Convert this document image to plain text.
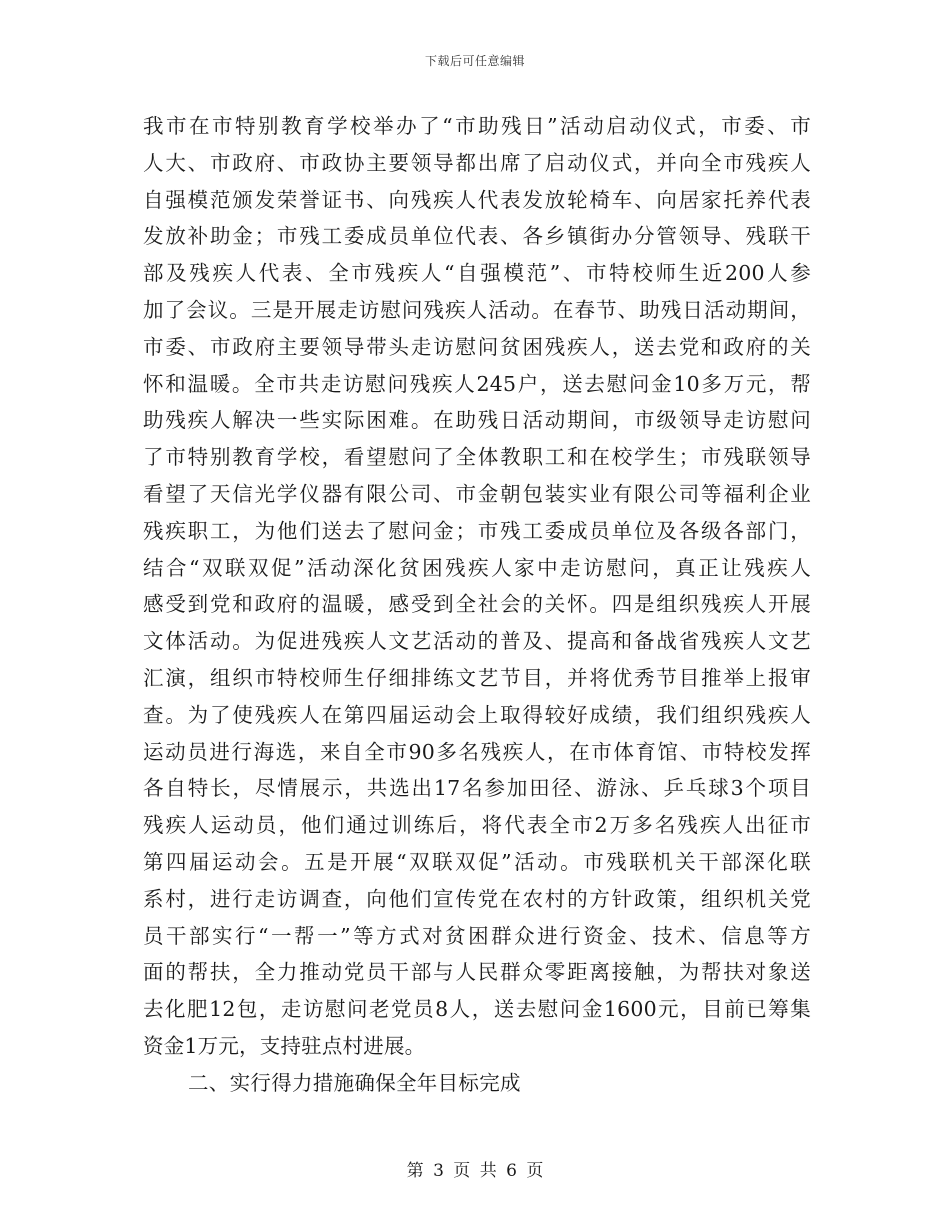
下载后可任意编辑
我市在市特别教育学校举办了“市助残日”活动启动仪式，市委、市
人大、市政府、市政协主要领导都出席了启动仪式，并向全市残疾人
自强模范颁发荣誉证书、向残疾人代表发放轮椅车、向居家托养代表
发放补助金；市残工委成员单位代表、各乡镇街办分管领导、残联干
部及残疾人代表、全市残疾人“自强模范”、市特校师生近200人参
加了会议。三是开展走访慰问残疾人活动。在春节、助残日活动期间，
市委、市政府主要领导带头走访慰问贫困残疾人，送去党和政府的关
怀和温暖。全市共走访慰问残疾人245户，送去慰问金10多万元，帮
助残疾人解决一些实际困难。在助残日活动期间，市级领导走访慰问
了市特别教育学校，看望慰问了全体教职工和在校学生；市残联领导
看望了天信光学仪器有限公司、市金朝包装实业有限公司等福利企业
残疾职工，为他们送去了慰问金；市残工委成员单位及各级各部门，
结合“双联双促”活动深化贫困残疾人家中走访慰问，真正让残疾人
感受到党和政府的温暖，感受到全社会的关怀。四是组织残疾人开展
文体活动。为促进残疾人文艺活动的普及、提高和备战省残疾人文艺
汇演，组织市特校师生仔细排练文艺节目，并将优秀节目推举上报审
查。为了使残疾人在第四届运动会上取得较好成绩，我们组织残疾人
运动员进行海选，来自全市90多名残疾人，在市体育馆、市特校发挥
各自特长，尽情展示，共选出17名参加田径、游泳、乒乓球3个项目
残疾人运动员，他们通过训练后，将代表全市2万多名残疾人出征市
第四届运动会。五是开展“双联双促”活动。市残联机关干部深化联
系村，进行走访调查，向他们宣传党在农村的方针政策，组织机关党
员干部实行“一帮一”等方式对贫困群众进行资金、技术、信息等方
面的帮扶，全力推动党员干部与人民群众零距离接触，为帮扶对象送
去化肥12包，走访慰问老党员8人，送去慰问金1600元，目前已筹集
资金1万元，支持驻点村进展。
二、实行得力措施确保全年目标完成
第 3 页 共 6 页
